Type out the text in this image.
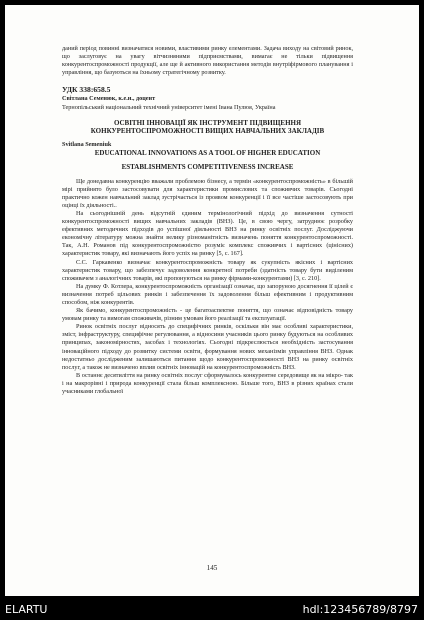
даний період повинні визначатися новими, властивими ринку елементами. Задача виходу на світовий ринок, що заслуговує на увагу вітчизняними підприємствами, вимагає не тільки підвищення конкурентоспроможності продукції, але ще й активного використання методів внутріфірмового планування і управління, що базуються на їхньому стратегічному розвитку.

УДК 338:658.5
Світлана Семенюк, к.е.н., доцент
Тернопільський національний технічний університет імені Івана Пулюя, Україна
ОСВІТНІ ІННОВАЦІЇ ЯК ІНСТРУМЕНТ ПІДВИЩЕННЯ
КОНКУРЕНТОСПРОМОЖНОСТІ ВИЩИХ НАВЧАЛЬНИХ ЗАКЛАДІВ
Svitlana Semeniuk
EDUCATIONAL INNOVATIONS AS A TOOL OF HIGHER EDUCATION
ESTABLISHMENTS COMPETITIVENESS INCREASE

Ще донедавна конкуренцію вважали проблемою бізнесу, а термін «конкурентоспроможність» в більшій мірі прийнято було застосовувати для характеристики промислових та споживчих товарів. Сьогодні практично кожен навчальний заклад зустрічається із проявом конкуренції і її все частіше застосовують при оцінці їх діяльності..

На сьогоднішній день відсутній єдиним термінологічний підхід до визначення сутності конкурентоспроможності вищих навчальних закладів (ВНЗ). Це, в свою чергу, затруднює розробку ефективних методичних підходів до успішної діяльності ВНЗ на ринку освітніх послуг. Досліджуючи економічну літературу можна знайти велику різноманітність визначень поняття конкурентоспроможності. Так, А.Н. Романов під конкурентоспроможністю розуміє комплекс споживчих і вартісних (цінісних) характеристик товару, які визначають його успіх на ринку [5, с. 167].

С.С. Гаркавенко визначає конкурентоспроможність товару як сукупність якісних і вартісних характеристик товару, що забезпечує задоволення конкретної потреби (здатність товару бути виділеним споживачем з аналогічних товарів, які пропонуються на ринку фірмами-конкурентами) [3, с. 210].

На думку Ф. Котлера, конкурентоспроможність організації означає, що запоруною досягнення її цілей є визначення потреб цільових ринків і забезпечення їх задоволення більш ефективним і продуктивним способом, ніж конкурентів.

Як бачимо, конкурентоспроможність - це багатоаспектне поняття, що означає відповідність товару умовам ринку та вимогам споживачів, різним умовам його реалізації та експлуатації.

Ринок освітніх послуг відносять до специфічних ринків, оскільки він має особливі характеристики, зміст, інфраструктуру, специфічне регулювання, а відносини учасників цього ринку будуються на особливих принципах, закономірностях, засобах і технологіях. Сьогодні підкреслюється необхідність застосування інноваційного підходу до розвитку системи освіти, формування нових механізмів управління ВНЗ. Однак недостатньо дослідженим залишаються питання щодо конкурентоспроможності ВНЗ на ринку освітніх послуг, а також не визначено вплив освітніх інновацій на конкурентоспроможність ВНЗ.

В останнє десятиліття на ринку освітніх послуг сформувалось конкурентне середовище як на мікро- так і на макрорівні і природа конкуренції стала більш комплексною. Більше того, ВНЗ в різних країнах стали учасниками глобальної

145
ELARTU	hdl:123456789/8797
